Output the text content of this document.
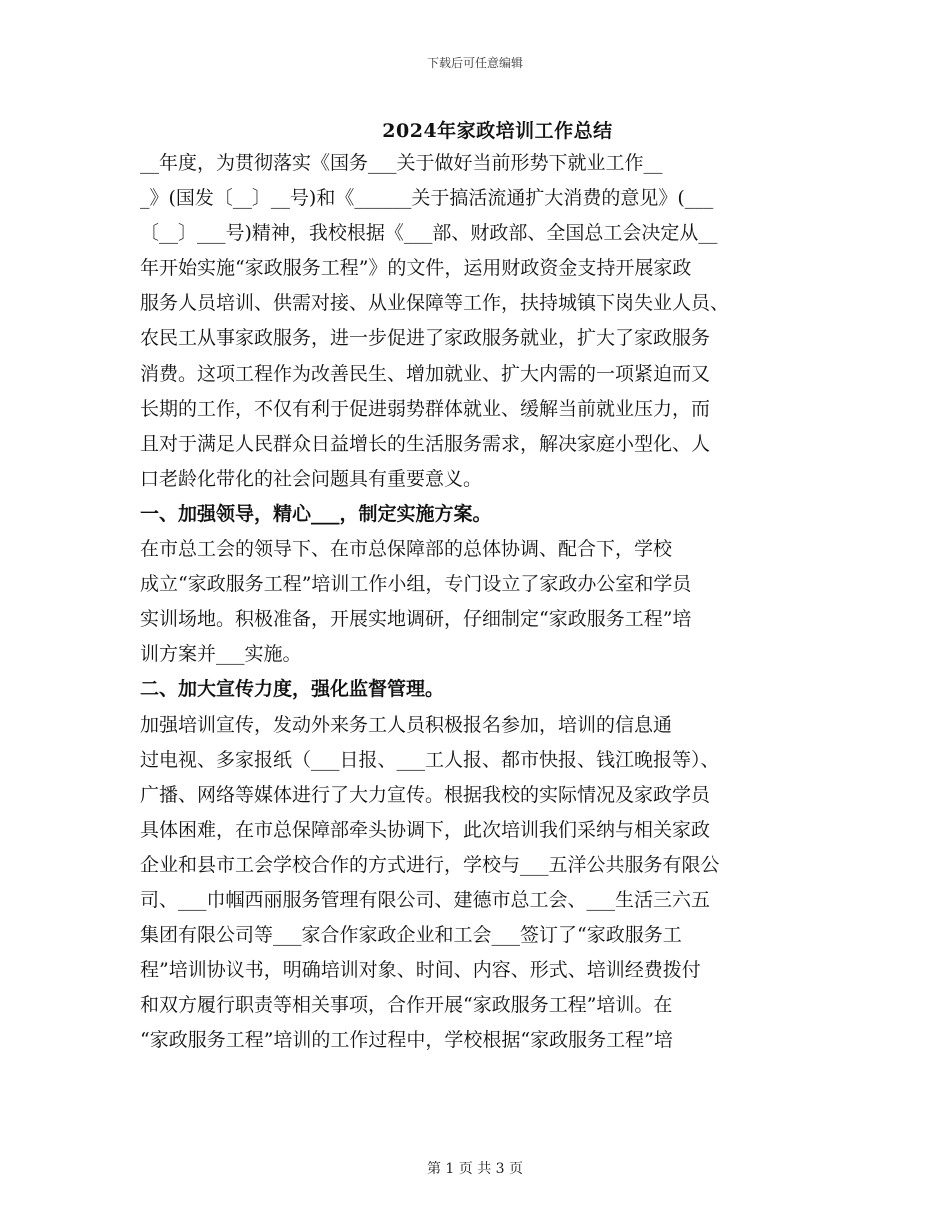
下载后可任意编辑
2024年家政培训工作总结
__年度，为贯彻落实《国务___关于做好当前形势下就业工作__
_》(国发〔__〕__号)和《______关于搞活流通扩大消费的意见》(___
〔__〕___号)精神，我校根据《___部、财政部、全国总工会决定从__
年开始实施“家政服务工程”》的文件，运用财政资金支持开展家政
服务人员培训、供需对接、从业保障等工作，扶持城镇下岗失业人员、
农民工从事家政服务，进一步促进了家政服务就业，扩大了家政服务
消费。这项工程作为改善民生、增加就业、扩大内需的一项紧迫而又
长期的工作，不仅有利于促进弱势群体就业、缓解当前就业压力，而
且对于满足人民群众日益增长的生活服务需求，解决家庭小型化、人
口老龄化带化的社会问题具有重要意义。
一、加强领导，精心___，制定实施方案。
在市总工会的领导下、在市总保障部的总体协调、配合下，学校
成立“家政服务工程”培训工作小组，专门设立了家政办公室和学员
实训场地。积极准备，开展实地调研，仔细制定“家政服务工程”培
训方案并___实施。
二、加大宣传力度，强化监督管理。
加强培训宣传，发动外来务工人员积极报名参加，培训的信息通
过电视、多家报纸（___日报、___工人报、都市快报、钱江晚报等）、
广播、网络等媒体进行了大力宣传。根据我校的实际情况及家政学员
具体困难，在市总保障部牵头协调下，此次培训我们采纳与相关家政
企业和县市工会学校合作的方式进行，学校与___五洋公共服务有限公
司、___巾帼西丽服务管理有限公司、建德市总工会、___生活三六五
集团有限公司等___家合作家政企业和工会___签订了“家政服务工
程”培训协议书，明确培训对象、时间、内容、形式、培训经费拨付
和双方履行职责等相关事项，合作开展“家政服务工程”培训。在
“家政服务工程”培训的工作过程中，学校根据“家政服务工程”培
第 1 页 共 3 页
